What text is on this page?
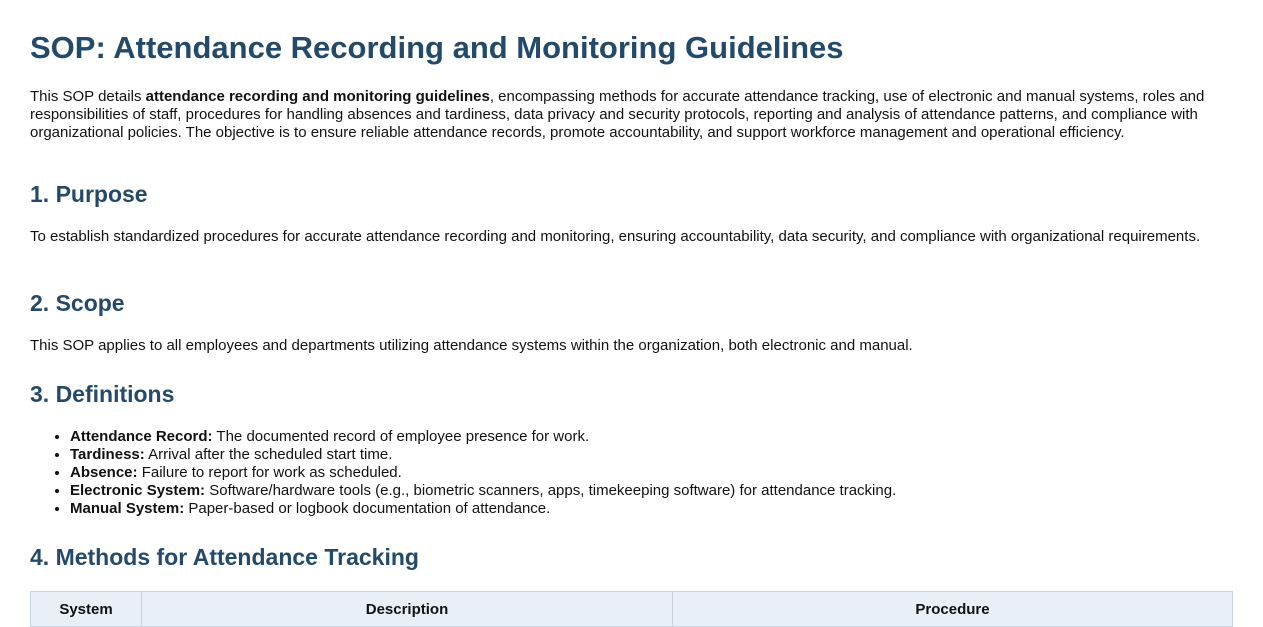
SOP: Attendance Recording and Monitoring Guidelines

This SOP details attendance recording and monitoring guidelines, encompassing methods for accurate attendance tracking, use of electronic and manual systems, roles and responsibilities of staff, procedures for handling absences and tardiness, data privacy and security protocols, reporting and analysis of attendance patterns, and compliance with organizational policies. The objective is to ensure reliable attendance records, promote accountability, and support workforce management and operational efficiency.

1. Purpose

To establish standardized procedures for accurate attendance recording and monitoring, ensuring accountability, data security, and compliance with organizational requirements.

2. Scope

This SOP applies to all employees and departments utilizing attendance systems within the organization, both electronic and manual.

3. Definitions
• Attendance Record: The documented record of employee presence for work.
• Tardiness: Arrival after the scheduled start time.
• Absence: Failure to report for work as scheduled.
• Electronic System: Software/hardware tools (e.g., biometric scanners, apps, timekeeping software) for attendance tracking.
• Manual System: Paper-based or logbook documentation of attendance.
4. Methods for Attendance Tracking
System	Description	Procedure
